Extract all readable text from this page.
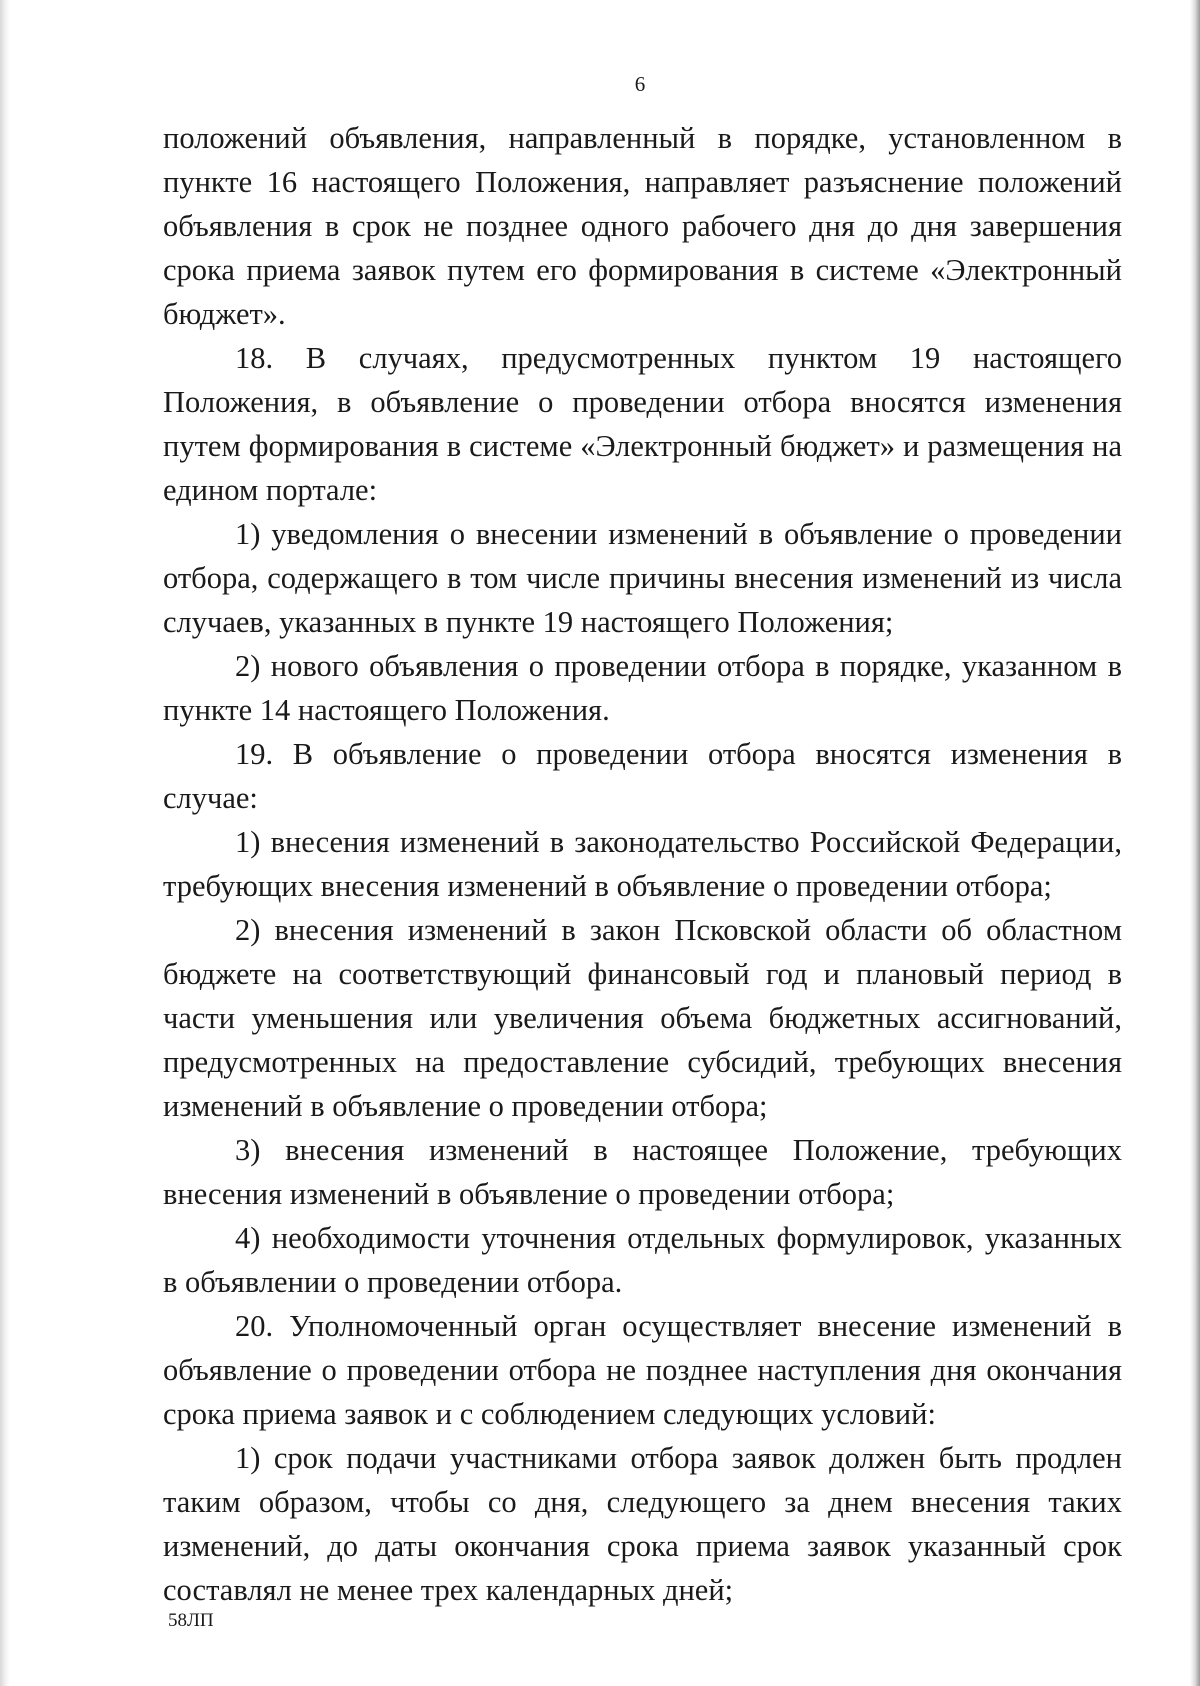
6

положений объявления, направленный в порядке, установленном в пункте 16 настоящего Положения, направляет разъяснение положений объявления в срок не позднее одного рабочего дня до дня завершения срока приема заявок путем его формирования в системе «Электронный бюджет».

18. В случаях, предусмотренных пунктом 19 настоящего Положения, в объявление о проведении отбора вносятся изменения путем формирования в системе «Электронный бюджет» и размещения на едином портале:

1) уведомления о внесении изменений в объявление о проведении отбора, содержащего в том числе причины внесения изменений из числа случаев, указанных в пункте 19 настоящего Положения;

2) нового объявления о проведении отбора в порядке, указанном в пункте 14 настоящего Положения.

19. В объявление о проведении отбора вносятся изменения в случае:

1) внесения изменений в законодательство Российской Федерации, требующих внесения изменений в объявление о проведении отбора;

2) внесения изменений в закон Псковской области об областном бюджете на соответствующий финансовый год и плановый период в части уменьшения или увеличения объема бюджетных ассигнований, предусмотренных на предоставление субсидий, требующих внесения изменений в объявление о проведении отбора;

3) внесения изменений в настоящее Положение, требующих внесения изменений в объявление о проведении отбора;

4) необходимости уточнения отдельных формулировок, указанных в объявлении о проведении отбора.

20. Уполномоченный орган осуществляет внесение изменений в объявление о проведении отбора не позднее наступления дня окончания срока приема заявок и с соблюдением следующих условий:

1) срок подачи участниками отбора заявок должен быть продлен таким образом, чтобы со дня, следующего за днем внесения таких изменений, до даты окончания срока приема заявок указанный срок составлял не менее трех календарных дней;

58ЛП
